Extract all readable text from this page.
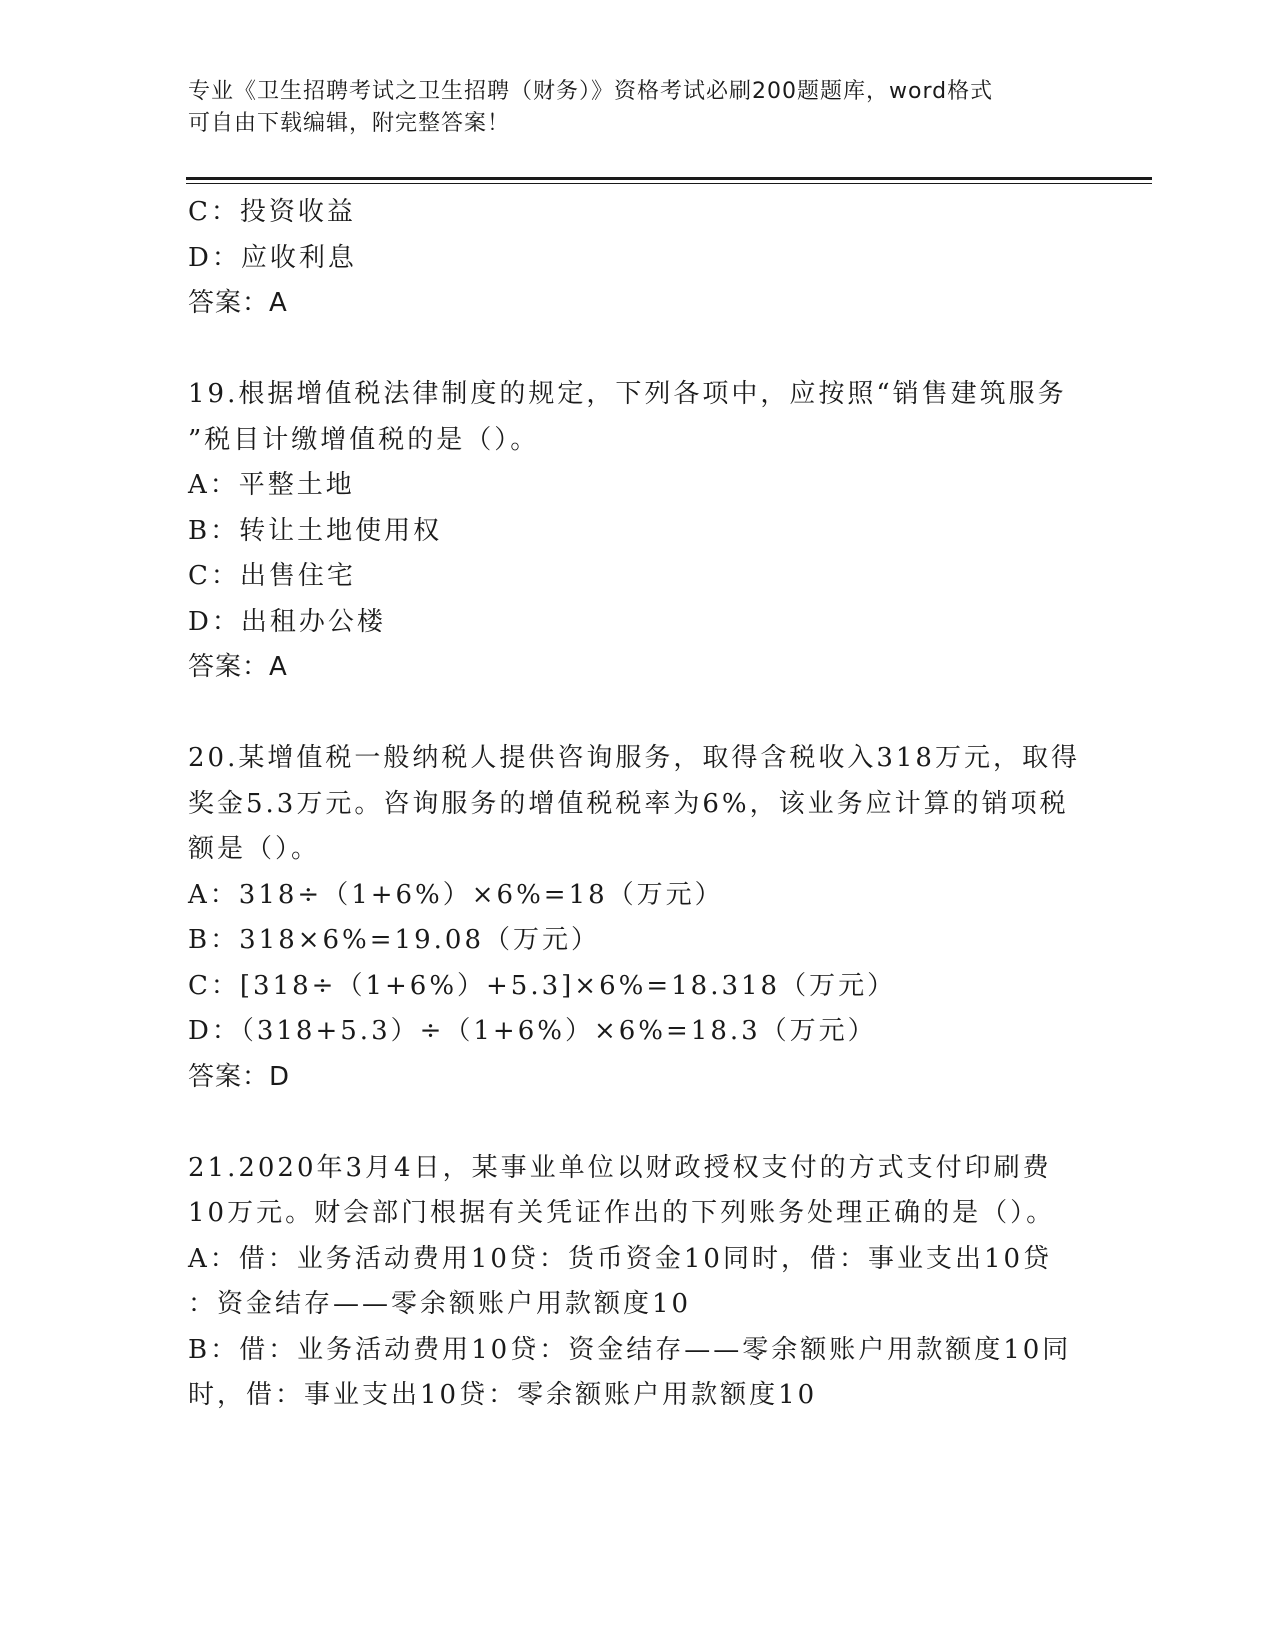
专业《卫生招聘考试之卫生招聘（财务）》资格考试必刷200题题库，word格式
可自由下载编辑，附完整答案！
C：投资收益
D：应收利息
答案：A
19.根据增值税法律制度的规定，下列各项中，应按照“销售建筑服务
”税目计缴增值税的是（）。
A：平整土地
B：转让土地使用权
C：出售住宅
D：出租办公楼
答案：A
20.某增值税一般纳税人提供咨询服务，取得含税收入318万元，取得
奖金5.3万元。咨询服务的增值税税率为6%，该业务应计算的销项税
额是（）。
A：318÷（1+6%）×6%=18（万元）
B：318×6%=19.08（万元）
C：[318÷（1+6%）+5.3]×6%=18.318（万元）
D：（318+5.3）÷（1+6%）×6%=18.3（万元）
答案：D
21.2020年3月4日，某事业单位以财政授权支付的方式支付印刷费
10万元。财会部门根据有关凭证作出的下列账务处理正确的是（）。
A：借：业务活动费用10贷：货币资金10同时，借：事业支出10贷
：资金结存——零余额账户用款额度10
B：借：业务活动费用10贷：资金结存——零余额账户用款额度10同
时，借：事业支出10贷：零余额账户用款额度10
